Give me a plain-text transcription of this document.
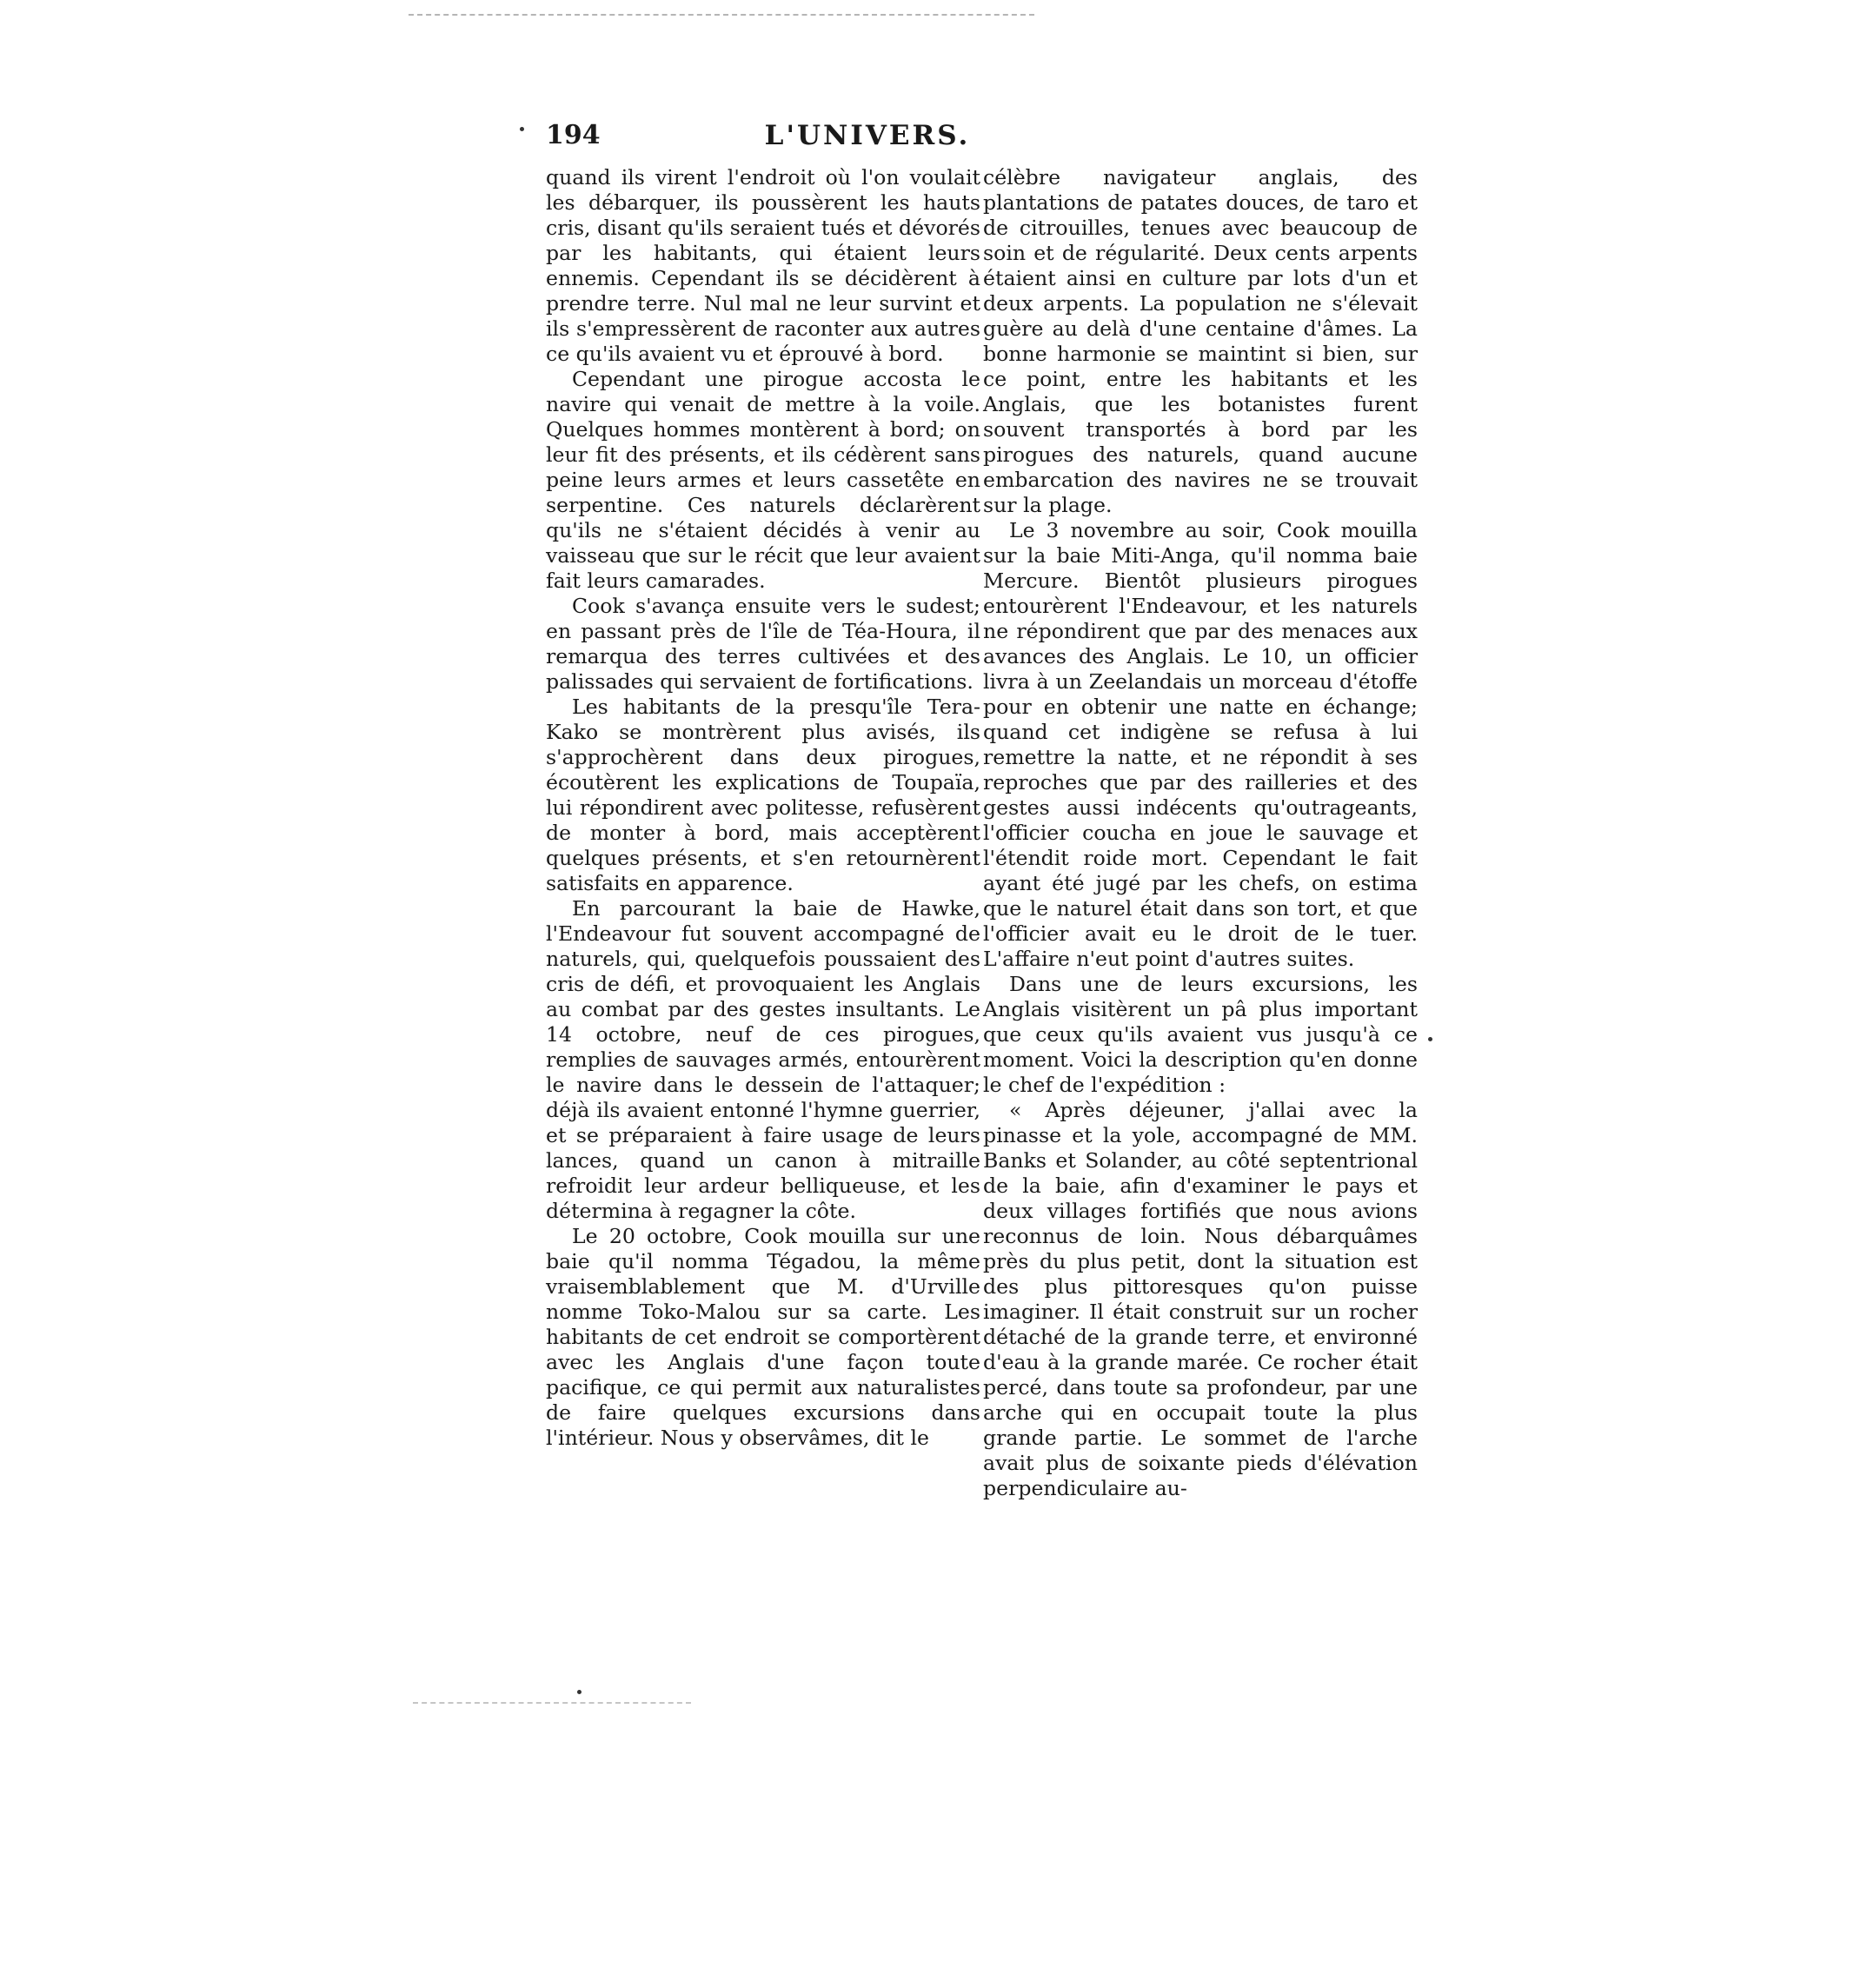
194	L'UNIVERS.

quand ils virent l'endroit où l'on voulait les débarquer, ils poussèrent les hauts cris, disant qu'ils seraient tués et dévorés par les habitants, qui étaient leurs ennemis. Cependant ils se décidèrent à prendre terre. Nul mal ne leur survint et ils s'empressèrent de raconter aux autres ce qu'ils avaient vu et éprouvé à bord.

Cependant une pirogue accosta le navire qui venait de mettre à la voile. Quelques hommes montèrent à bord; on leur fit des présents, et ils cédèrent sans peine leurs armes et leurs cassetête en serpentine. Ces naturels déclarèrent qu'ils ne s'étaient décidés à venir au vaisseau que sur le récit que leur avaient fait leurs camarades.

Cook s'avança ensuite vers le sudest; en passant près de l'île de Téa-Houra, il remarqua des terres cultivées et des palissades qui servaient de fortifications.

Les habitants de la presqu'île Tera-Kako se montrèrent plus avisés, ils s'approchèrent dans deux pirogues, écoutèrent les explications de Toupaïa, lui répondirent avec politesse, refusèrent de monter à bord, mais acceptèrent quelques présents, et s'en retournèrent satisfaits en apparence.

En parcourant la baie de Hawke, l'Endeavour fut souvent accompagné de naturels, qui, quelquefois poussaient des cris de défi, et provoquaient les Anglais au combat par des gestes insultants. Le 14 octobre, neuf de ces pirogues, remplies de sauvages armés, entourèrent le navire dans le dessein de l'attaquer; déjà ils avaient entonné l'hymne guerrier, et se préparaient à faire usage de leurs lances, quand un canon à mitraille refroidit leur ardeur belliqueuse, et les détermina à regagner la côte.

Le 20 octobre, Cook mouilla sur une baie qu'il nomma Tégadou, la même vraisemblablement que M. d'Urville nomme Toko-Malou sur sa carte. Les habitants de cet endroit se comportèrent avec les Anglais d'une façon toute pacifique, ce qui permit aux naturalistes de faire quelques excursions dans l'intérieur. Nous y observâmes, dit le

célèbre navigateur anglais, des plantations de patates douces, de taro et de citrouilles, tenues avec beaucoup de soin et de régularité. Deux cents arpents étaient ainsi en culture par lots d'un et deux arpents. La population ne s'élevait guère au delà d'une centaine d'âmes. La bonne harmonie se maintint si bien, sur ce point, entre les habitants et les Anglais, que les botanistes furent souvent transportés à bord par les pirogues des naturels, quand aucune embarcation des navires ne se trouvait sur la plage.

Le 3 novembre au soir, Cook mouilla sur la baie Miti-Anga, qu'il nomma baie Mercure. Bientôt plusieurs pirogues entourèrent l'Endeavour, et les naturels ne répondirent que par des menaces aux avances des Anglais. Le 10, un officier livra à un Zeelandais un morceau d'étoffe pour en obtenir une natte en échange; quand cet indigène se refusa à lui remettre la natte, et ne répondit à ses reproches que par des railleries et des gestes aussi indécents qu'outrageants, l'officier coucha en joue le sauvage et l'étendit roide mort. Cependant le fait ayant été jugé par les chefs, on estima que le naturel était dans son tort, et que l'officier avait eu le droit de le tuer. L'affaire n'eut point d'autres suites.

Dans une de leurs excursions, les Anglais visitèrent un pâ plus important que ceux qu'ils avaient vus jusqu'à ce moment. Voici la description qu'en donne le chef de l'expédition :

« Après déjeuner, j'allai avec la pinasse et la yole, accompagné de MM. Banks et Solander, au côté septentrional de la baie, afin d'examiner le pays et deux villages fortifiés que nous avions reconnus de loin. Nous débarquâmes près du plus petit, dont la situation est des plus pittoresques qu'on puisse imaginer. Il était construit sur un rocher détaché de la grande terre, et environné d'eau à la grande marée. Ce rocher était percé, dans toute sa profondeur, par une arche qui en occupait toute la plus grande partie. Le sommet de l'arche avait plus de soixante pieds d'élévation perpendiculaire au-
